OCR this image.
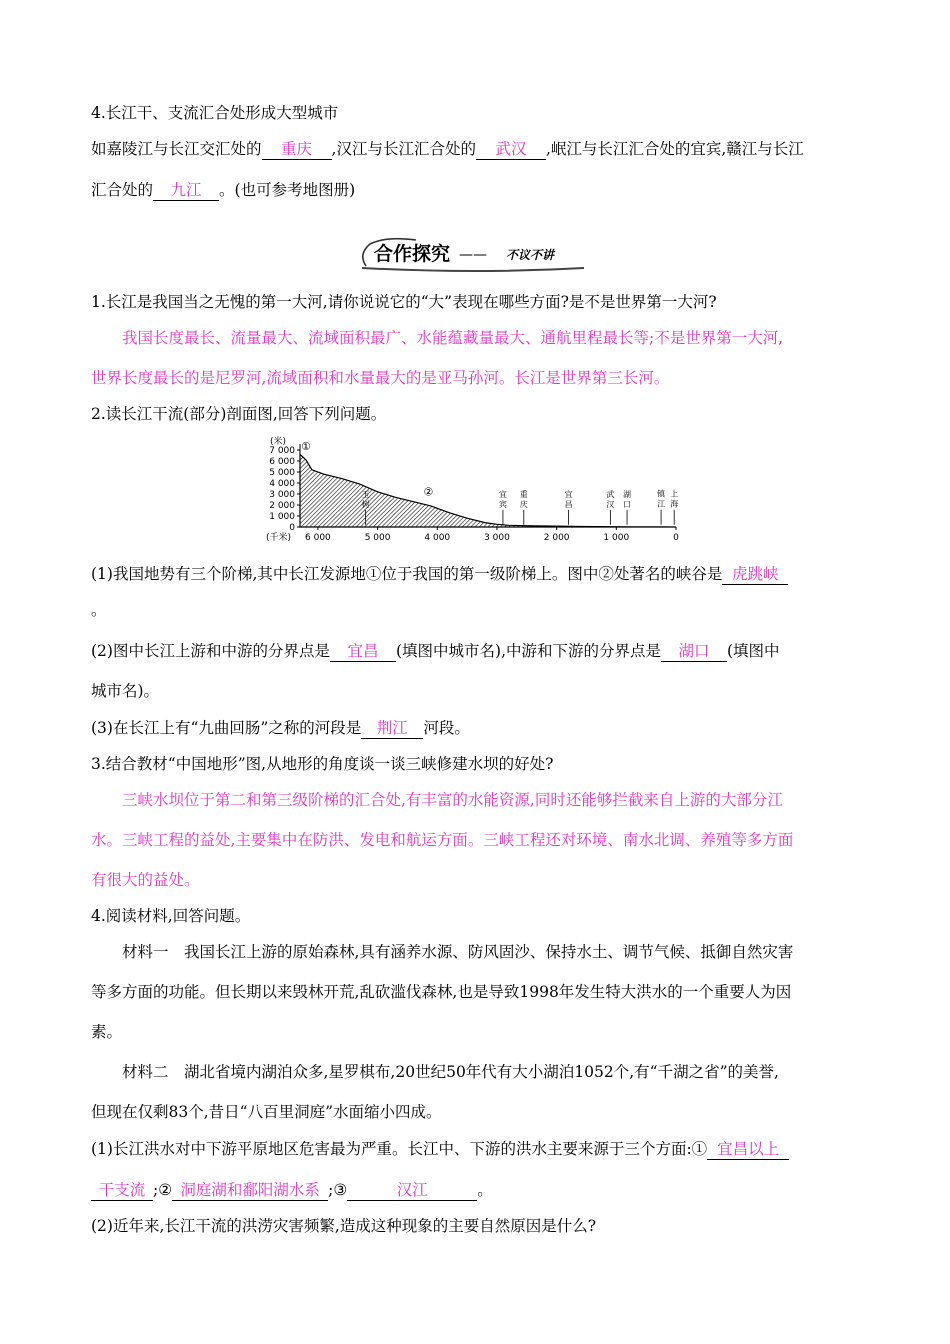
4.长江干、支流汇合处形成大型城市
如嘉陵江与长江交汇处的 重庆 ,汉江与长江汇合处的 武汉 ,岷江与长江汇合处的宜宾,赣江与长江
汇合处的 九江 。(也可参考地图册)
合作探究 —— 不议不讲
1.长江是我国当之无愧的第一大河,请你说说它的“大”表现在哪些方面?是不是世界第一大河?
我国长度最长、流量最大、流域面积最广、水能蕴藏量最大、通航里程最长等;不是世界第一大河,
世界长度最长的是尼罗河,流域面积和水量最大的是亚马孙河。长江是世界第三长河。
2.读长江干流(部分)剖面图,回答下列问题。
7 000
6 000
5 000
4 000
3 000
2 000
1 000
0
(米)
6 000	5 000	4 000	3 000	2 000	1 000	0
(千米)
①
②
玉树
宜宾
重庆
宜昌
武汉
湖口
镇江
上海
(1)我国地势有三个阶梯,其中长江发源地①位于我国的第一级阶梯上。图中②处著名的峡谷是 虎跳峡
。
(2)图中长江上游和中游的分界点是 宜昌 (填图中城市名),中游和下游的分界点是 湖口 (填图中
城市名)。
(3)在长江上有“九曲回肠”之称的河段是 荆江 河段。
3.结合教材“中国地形”图,从地形的角度谈一谈三峡修建水坝的好处?
三峡水坝位于第二和第三级阶梯的汇合处,有丰富的水能资源,同时还能够拦截来自上游的大部分江
水。三峡工程的益处,主要集中在防洪、发电和航运方面。三峡工程还对环境、南水北调、养殖等多方面
有很大的益处。
4.阅读材料,回答问题。
材料一　我国长江上游的原始森林,具有涵养水源、防风固沙、保持水土、调节气候、抵御自然灾害
等多方面的功能。但长期以来毁林开荒,乱砍滥伐森林,也是导致1998年发生特大洪水的一个重要人为因
素。
材料二　湖北省境内湖泊众多,星罗棋布,20世纪50年代有大小湖泊1052个,有“千湖之省”的美誉,
但现在仅剩83个,昔日“八百里洞庭”水面缩小四成。
(1)长江洪水对中下游平原地区危害最为严重。长江中、下游的洪水主要来源于三个方面:① 宜昌以上
干支流 ;② 洞庭湖和鄱阳湖水系 ;③	汉江	。
(2)近年来,长江干流的洪涝灾害频繁,造成这种现象的主要自然原因是什么?
